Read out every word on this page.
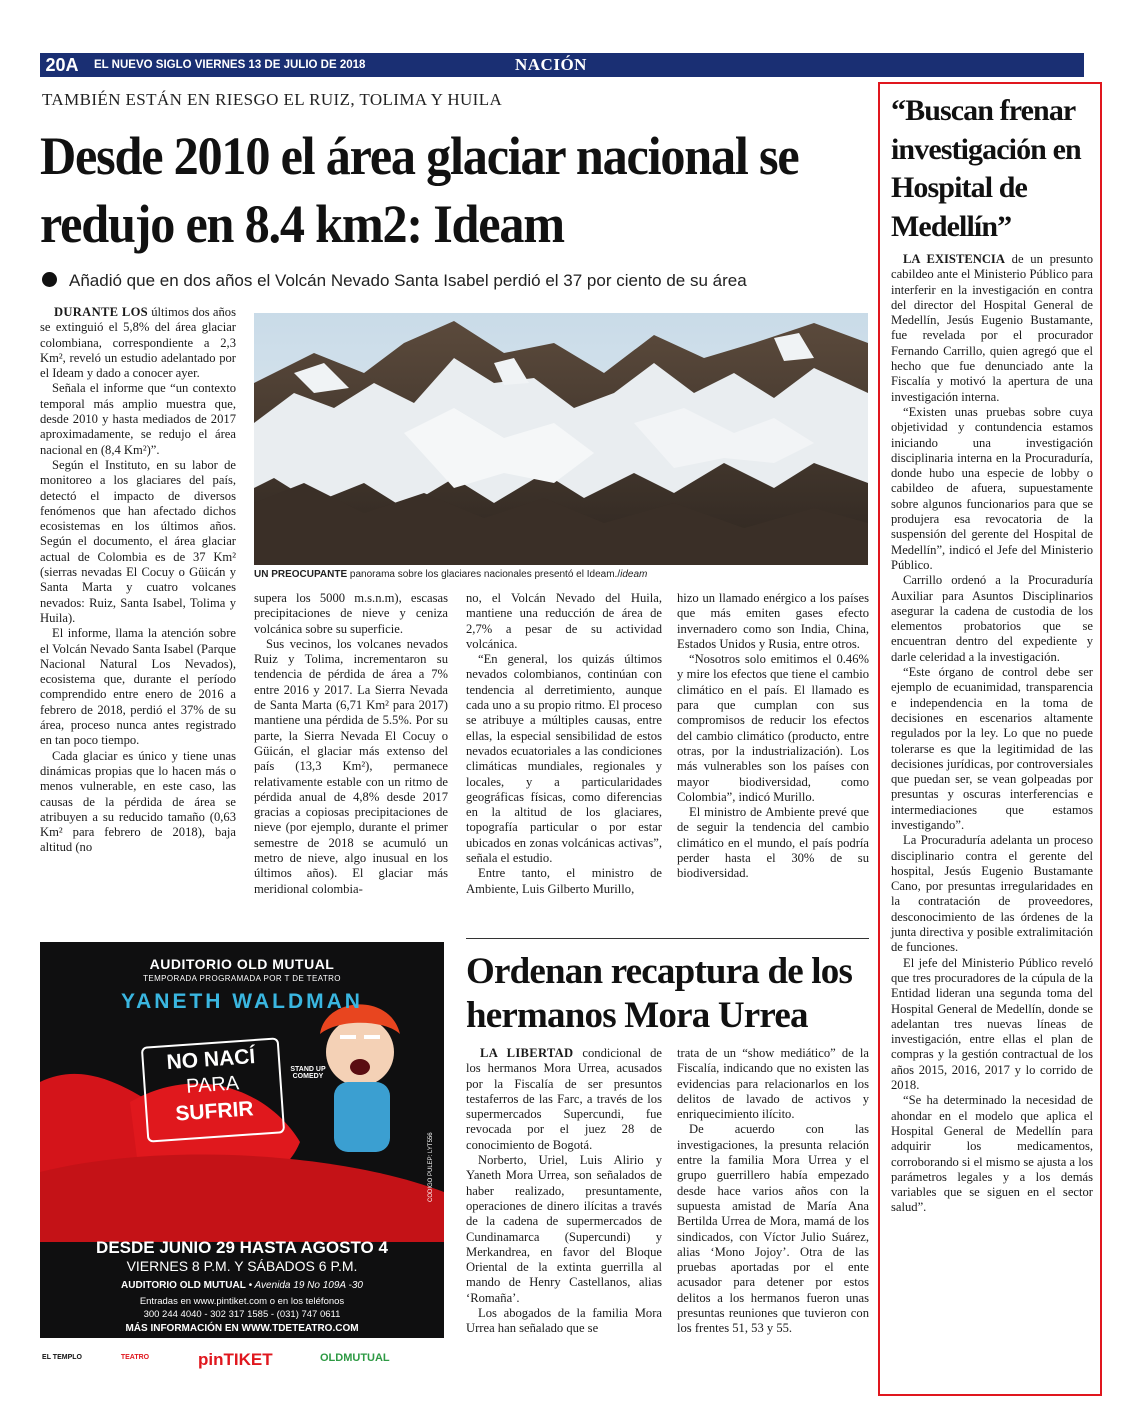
20A	EL NUEVO SIGLO VIERNES 13 DE JULIO DE 2018	NACIÓN
TAMBIÉN ESTÁN EN RIESGO EL RUIZ, TOLIMA Y HUILA
Desde 2010 el área glaciar nacional se redujo en 8.4 km2: Ideam
Añadió que en dos años el Volcán Nevado Santa Isabel perdió el 37 por ciento de su área

DURANTE LOS últimos dos años se extinguió el 5,8% del área glaciar colombiana, correspondiente a 2,3 Km², reveló un estudio adelantado por el Ideam y dado a conocer ayer.

Señala el informe que “un contexto temporal más amplio muestra que, desde 2010 y hasta mediados de 2017 aproximadamente, se redujo el área nacional en (8,4 Km²)”.

Según el Instituto, en su labor de monitoreo a los glaciares del país, detectó el impacto de diversos fenómenos que han afectado dichos ecosistemas en los últimos años. Según el documento, el área glaciar actual de Colombia es de 37 Km² (sierras nevadas El Cocuy o Güicán y Santa Marta y cuatro volcanes nevados: Ruiz, Santa Isabel, Tolima y Huila).

El informe, llama la atención sobre el Volcán Nevado Santa Isabel (Parque Nacional Natural Los Nevados), ecosistema que, durante el período comprendido entre enero de 2016 a febrero de 2018, perdió el 37% de su área, proceso nunca antes registrado en tan poco tiempo.

Cada glaciar es único y tiene unas dinámicas propias que lo hacen más o menos vulnerable, en este caso, las causas de la pérdida de área se atribuyen a su reducido tamaño (0,63 Km² para febrero de 2018), baja altitud (no

UN PREOCUPANTE panorama sobre los glaciares nacionales presentó el Ideam./ideam

supera los 5000 m.s.n.m), escasas precipitaciones de nieve y ceniza volcánica sobre su superficie.

Sus vecinos, los volcanes nevados Ruiz y Tolima, incrementaron su tendencia de pérdida de área a 7% entre 2016 y 2017. La Sierra Nevada de Santa Marta (6,71 Km² para 2017) mantiene una pérdida de 5.5%. Por su parte, la Sierra Nevada El Cocuy o Güicán, el glaciar más extenso del país (13,3 Km²), permanece relativamente estable con un ritmo de pérdida anual de 4,8% desde 2017 gracias a copiosas precipitaciones de nieve (por ejemplo, durante el primer semestre de 2018 se acumuló un metro de nieve, algo inusual en los últimos años). El glaciar más meridional colombia-

no, el Volcán Nevado del Huila, mantiene una reducción de área de 2,7% a pesar de su actividad volcánica.

“En general, los quizás últimos nevados colombianos, continúan con tendencia al derretimiento, aunque cada uno a su propio ritmo. El proceso se atribuye a múltiples causas, entre ellas, la especial sensibilidad de estos nevados ecuatoriales a las condiciones climáticas mundiales, regionales y locales, y a particularidades geográficas físicas, como diferencias en la altitud de los glaciares, topografía particular o por estar ubicados en zonas volcánicas activas”, señala el estudio.

Entre tanto, el ministro de Ambiente, Luis Gilberto Murillo,

hizo un llamado enérgico a los países que más emiten gases efecto invernadero como son India, China, Estados Unidos y Rusia, entre otros.

“Nosotros solo emitimos el 0.46% y mire los efectos que tiene el cambio climático en el país. El llamado es para que cumplan con sus compromisos de reducir los efectos del cambio climático (producto, entre otras, por la industrialización). Los más vulnerables son los países con mayor biodiversidad, como Colombia”, indicó Murillo.

El ministro de Ambiente prevé que de seguir la tendencia del cambio climático en el mundo, el país podría perder hasta el 30% de su biodiversidad.

Ordenan recaptura de los hermanos Mora Urrea

LA LIBERTAD condicional de los hermanos Mora Urrea, acusados por la Fiscalía de ser presuntos testaferros de las Farc, a través de los supermercados Supercundi, fue revocada por el juez 28 de conocimiento de Bogotá.

Norberto, Uriel, Luis Alirio y Yaneth Mora Urrea, son señalados de haber realizado, presuntamente, operaciones de dinero ilícitas a través de la cadena de supermercados de Cundinamarca (Supercundi) y Merkandrea, en favor del Bloque Oriental de la extinta guerrilla al mando de Henry Castellanos, alias ‘Romaña’.

Los abogados de la familia Mora Urrea han señalado que se

trata de un “show mediático” de la Fiscalía, indicando que no existen las evidencias para relacionarlos en los delitos de lavado de activos y enriquecimiento ilícito.

De acuerdo con las investigaciones, la presunta relación entre la familia Mora Urrea y el grupo guerrillero había empezado desde hace varios años con la supuesta amistad de María Ana Bertilda Urrea de Mora, mamá de los sindicados, con Víctor Julio Suárez, alias ‘Mono Jojoy’. Otra de las pruebas aportadas por el ente acusador para detener por estos delitos a los hermanos fueron unas presuntas reuniones que tuvieron con los frentes 51, 53 y 55.

AUDITORIO OLD MUTUAL
TEMPORADA PROGRAMADA POR T DE TEATRO
YANETH WALDMAN
NO NACÍ
PARA
SUFRIR
STAND UP COMEDY
CÓDIGO PULEP: LYT556
DESDE JUNIO 29 HASTA AGOSTO 4
VIERNES 8 P.M. Y SÁBADOS 6 P.M.
AUDITORIO OLD MUTUAL • Avenida 19 No 109A -30
Entradas en www.pintiket.com o en los teléfonos
300 244 4040 - 302 317 1585 - (031) 747 0611
MÁS INFORMACIÓN EN WWW.TDETEATRO.COM
EL TEMPLO	TEATRO	pinTIKET	OLDMUTUAL
“Buscan frenar investigación en Hospital de Medellín”

LA EXISTENCIA de un presunto cabildeo ante el Ministerio Público para interferir en la investigación en contra del director del Hospital General de Medellín, Jesús Eugenio Bustamante, fue revelada por el procurador Fernando Carrillo, quien agregó que el hecho que fue denunciado ante la Fiscalía y motivó la apertura de una investigación interna.

“Existen unas pruebas sobre cuya objetividad y contundencia estamos iniciando una investigación disciplinaria interna en la Procuraduría, donde hubo una especie de lobby o cabildeo de afuera, supuestamente sobre algunos funcionarios para que se produjera esa revocatoria de la suspensión del gerente del Hospital de Medellín”, indicó el Jefe del Ministerio Público.

Carrillo ordenó a la Procuraduría Auxiliar para Asuntos Disciplinarios asegurar la cadena de custodia de los elementos probatorios que se encuentran dentro del expediente y darle celeridad a la investigación.

“Este órgano de control debe ser ejemplo de ecuanimidad, transparencia e independencia en la toma de decisiones en escenarios altamente regulados por la ley. Lo que no puede tolerarse es que la legitimidad de las decisiones jurídicas, por controversiales que puedan ser, se vean golpeadas por presuntas y oscuras interferencias e intermediaciones que estamos investigando”.

La Procuraduría adelanta un proceso disciplinario contra el gerente del hospital, Jesús Eugenio Bustamante Cano, por presuntas irregularidades en la contratación de proveedores, desconocimiento de las órdenes de la junta directiva y posible extralimitación de funciones.

El jefe del Ministerio Público reveló que tres procuradores de la cúpula de la Entidad lideran una segunda toma del Hospital General de Medellín, donde se adelantan tres nuevas líneas de investigación, entre ellas el plan de compras y la gestión contractual de los años 2015, 2016, 2017 y lo corrido de 2018.

“Se ha determinado la necesidad de ahondar en el modelo que aplica el Hospital General de Medellín para adquirir los medicamentos, corroborando si el mismo se ajusta a los parámetros legales y a los demás variables que se siguen en el sector salud”.
